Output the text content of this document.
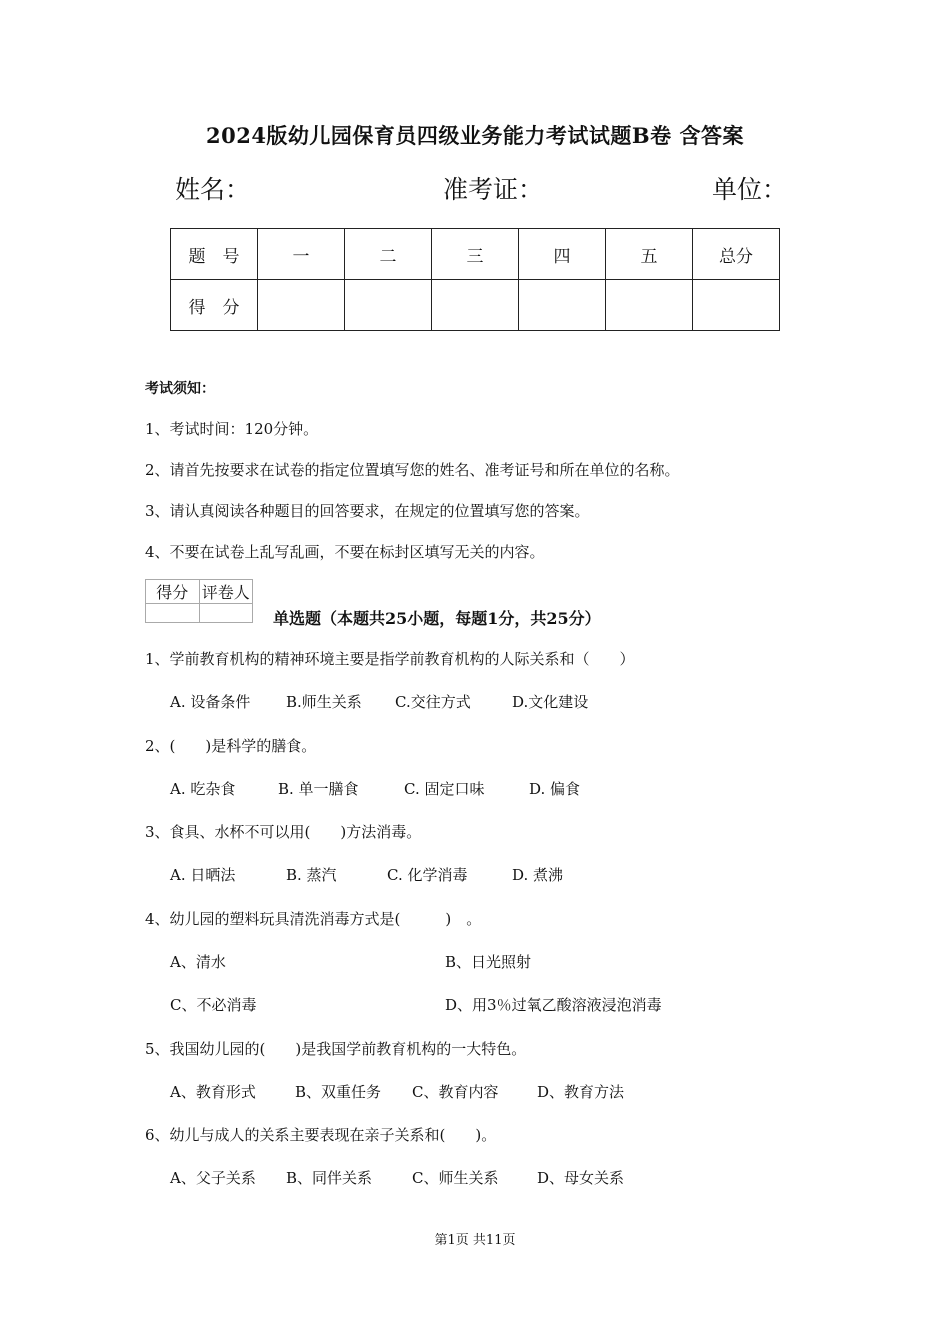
2024版幼儿园保育员四级业务能力考试试题B卷 含答案
姓名：	准考证：	单位：
题　号	一	二	三	四	五	总分
得　分						
考试须知：
1、考试时间：120分钟。
2、请首先按要求在试卷的指定位置填写您的姓名、准考证号和所在单位的名称。
3、请认真阅读各种题目的回答要求，在规定的位置填写您的答案。
4、不要在试卷上乱写乱画，不要在标封区填写无关的内容。
得分	评卷人

单选题（本题共25小题，每题1分，共25分）
1、学前教育机构的精神环境主要是指学前教育机构的人际关系和（　　）
A. 设备条件 B.师生关系 C.交往方式	D.文化建设
2、(　　)是科学的膳食。
A. 吃杂食	B. 单一膳食	C. 固定口味	D. 偏食
3、食具、水杯不可以用(　　)方法消毒。
A. 日晒法	B. 蒸汽	C. 化学消毒	D. 煮沸
4、幼儿园的塑料玩具清洗消毒方式是(　　　)　。
A、清水	B、日光照射
C、不必消毒	D、用3％过氧乙酸溶液浸泡消毒
5、我国幼儿园的(　　)是我国学前教育机构的一大特色。
A、教育形式	B、双重任务 C、教育内容	D、教育方法
6、幼儿与成人的关系主要表现在亲子关系和(　　)。
A、父子关系 B、同伴关系	C、师生关系	D、母女关系
第1页 共11页
